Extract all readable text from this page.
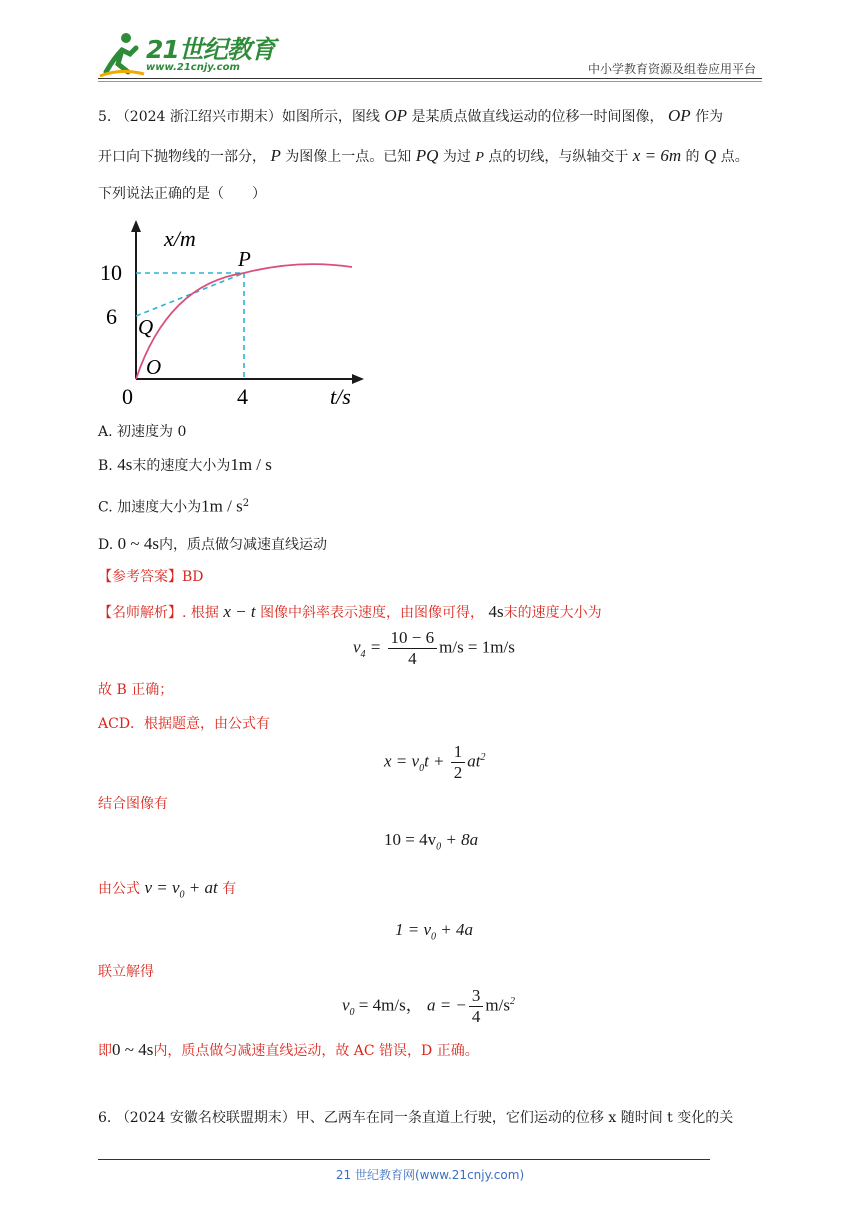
21世纪教育
www.21cnjy.com	中小学教育资源及组卷应用平台
5. （2024 浙江绍兴市期末）如图所示，图线 OP 是某质点做直线运动的位移一时间图像， OP 作为
开口向下抛物线的一部分， P 为图像上一点。已知 PQ 为过 P 点的切线，与纵轴交于 x = 6m 的 Q 点。
下列说法正确的是（　　）
x/m
t/s
P
Q
O
10
6
0	4
A. 初速度为 0
B. 4s末的速度大小为1m / s
C. 加速度大小为$1m / s^2$
D. 0 ~ 4s内，质点做匀减速直线运动
【参考答案】BD
【名师解析】. 根据 x − t 图像中斜率表示速度，由图像可得， 4s末的速度大小为
$v_4 = \frac{10 - 6}{4} m/s = 1m/s$
故 B 正确；
ACD．根据题意，由公式有
$x = v_0t + \frac{1}{2} at^2$
结合图像有
$10 = 4v_0 + 8a$
由公式 $v = v_0$ + at 有
$1 = v_0 + 4a$
联立解得
$v_0 = 4m/s$， a = − $\frac{3}{4} m/s^2$
即0 ~ 4s内，质点做匀减速直线运动，故 AC 错误，D 正确。
6. （2024 安徽名校联盟期末）甲、乙两车在同一条直道上行驶，它们运动的位移 x 随时间 t 变化的关
21 世纪教育网(www.21cnjy.com)
